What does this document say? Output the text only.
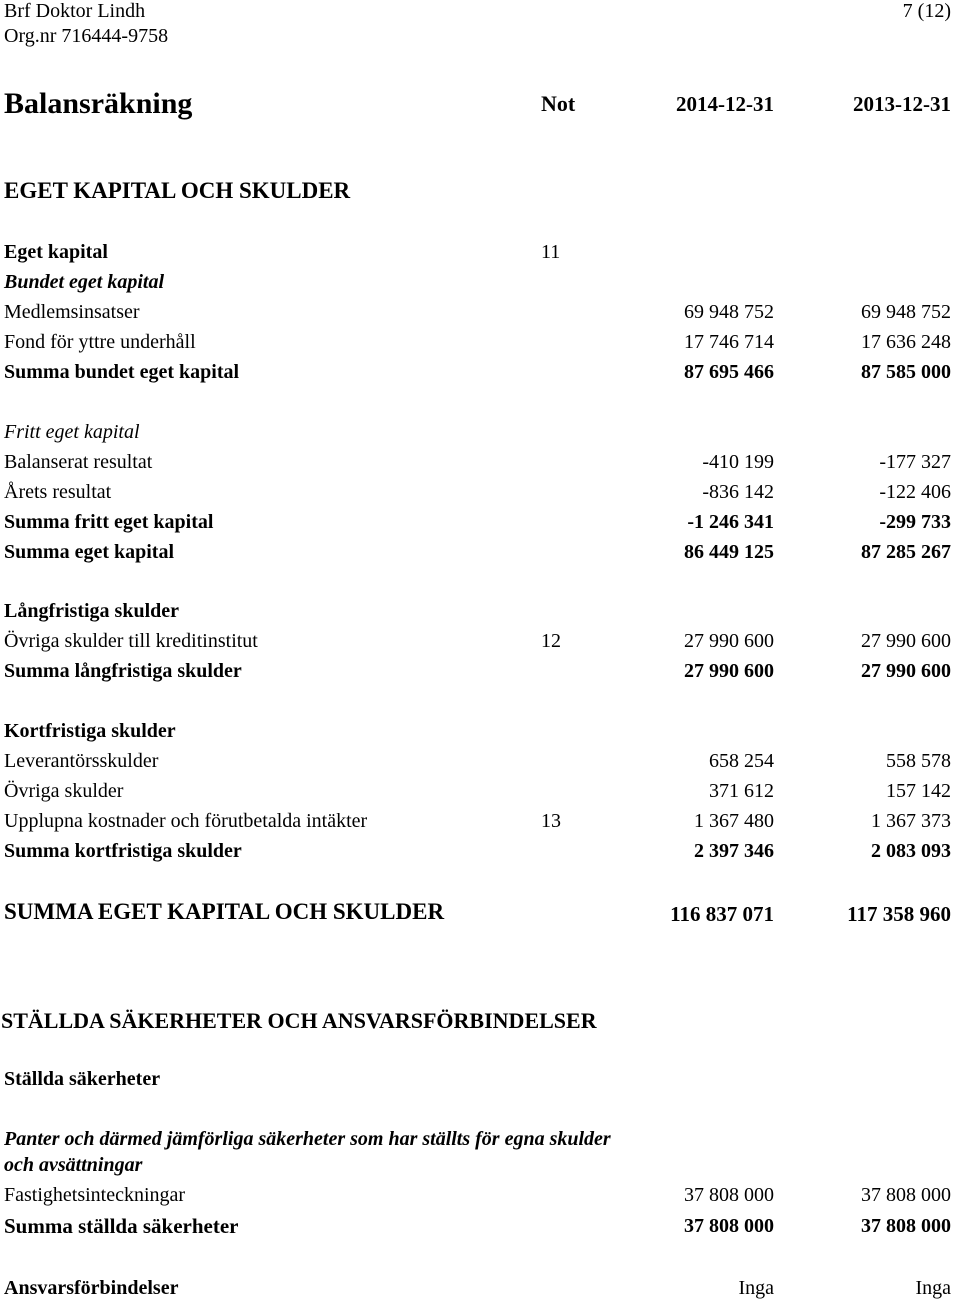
Brf Doktor Lindh	7 (12)
Org.nr 716444-9758
Balansräkning	Not	2014-12-31	2013-12-31
EGET KAPITAL OCH SKULDER
Eget kapital	11
Bundet eget kapital
Medlemsinsatser	69 948 752	69 948 752
Fond för yttre underhåll	17 746 714	17 636 248
Summa bundet eget kapital	87 695 466	87 585 000
Fritt eget kapital
Balanserat resultat	-410 199	-177 327
Årets resultat	-836 142	-122 406
Summa fritt eget kapital	-1 246 341	-299 733
Summa eget kapital	86 449 125	87 285 267
Långfristiga skulder
Övriga skulder till kreditinstitut	12	27 990 600	27 990 600
Summa långfristiga skulder	27 990 600	27 990 600
Kortfristiga skulder
Leverantörsskulder	658 254	558 578
Övriga skulder	371 612	157 142
Upplupna kostnader och förutbetalda intäkter	13	1 367 480	1 367 373
Summa kortfristiga skulder	2 397 346	2 083 093
SUMMA EGET KAPITAL OCH SKULDER	116 837 071	117 358 960
STÄLLDA SÄKERHETER OCH ANSVARSFÖRBINDELSER
Ställda säkerheter
Panter och därmed jämförliga säkerheter som har ställts för egna skulder och avsättningar
Fastighetsinteckningar	37 808 000	37 808 000
Summa ställda säkerheter	37 808 000	37 808 000
Ansvarsförbindelser	Inga	Inga
